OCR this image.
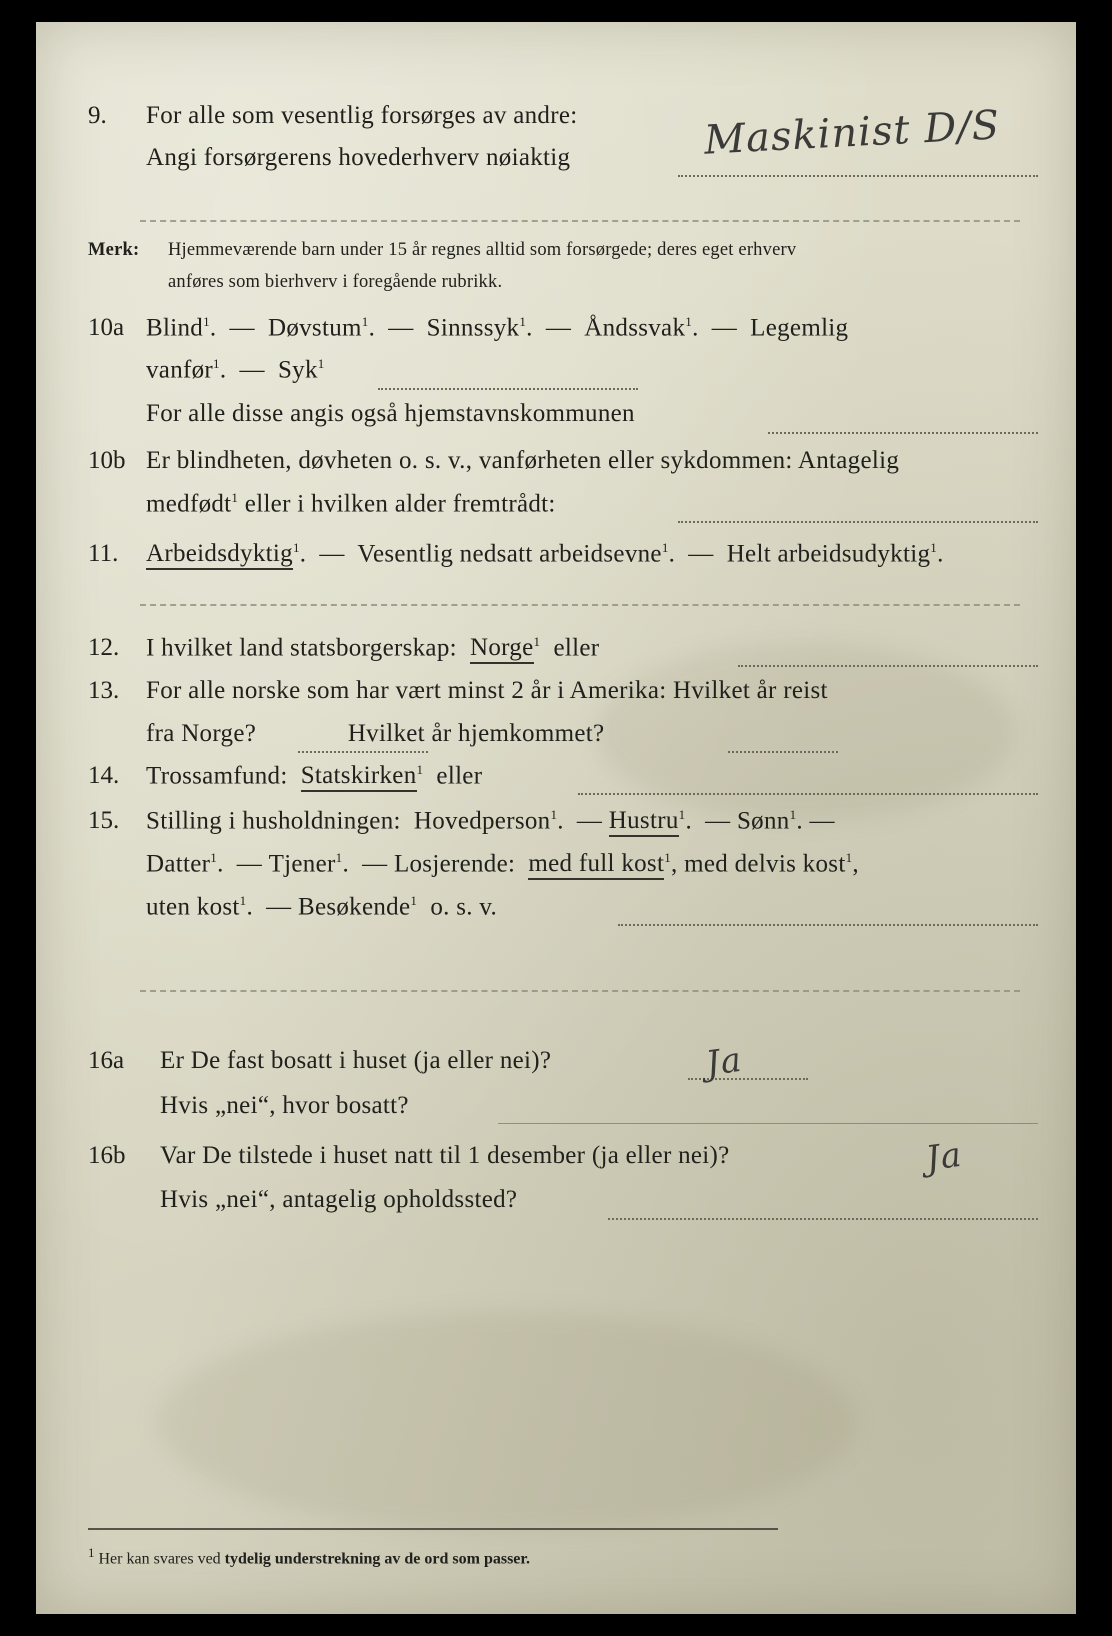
9.	For alle som vesentlig forsørges av andre:
Angi forsørgerens hovederhverv nøiaktig	Maskinist D/S
Merk:	Hjemmeværende barn under 15 år regnes alltid som forsørgede; deres eget erhverv
anføres som bierhverv i foregående rubrikk.
10a Blind$^1$.  — Døvstum$^1$.  — Sinnssyk$^1$.  — Åndssvak$^1$.  — Legemlig
vanfør$^1$.  — Syk$^1$
For alle disse angis også hjemstavnskommunen
10b Er blindheten, døvheten o. s. v., vanførheten eller sykdommen: Antagelig
medfødt$^1$ eller i hvilken alder fremtrådt:
11.	Arbeidsdyktig$^1$.  —  Vesentlig nedsatt arbeidsevne$^1$.  —  Helt arbeidsudyktig$^1$.
12.	I hvilket land statsborgerskap: Norge$^1$ eller
13.	For alle norske som har vært minst 2 år i Amerika: Hvilket år reist
fra Norge?	Hvilket år hjemkommet?
14.	Trossamfund: Statskirken$^1$ eller
15.	Stilling i husholdningen: Hovedperson$^1$.  — Hustru$^1$.  — Sønn$^1$. —
Datter$^1$.  — Tjener$^1$.  — Losjerende: med full kost$^1$, med delvis kost$^1$,
uten kost$^1$.  — Besøkende$^1$ o. s. v.
16a	Er De fast bosatt i huset (ja eller nei)?	Ja
Hvis „nei“, hvor bosatt?
16b	Var De tilstede i huset natt til 1 desember (ja eller nei)?	Ja
Hvis „nei“, antagelig opholdssted?
$^1$ Her kan svares ved tydelig understrekning av de ord som passer.
